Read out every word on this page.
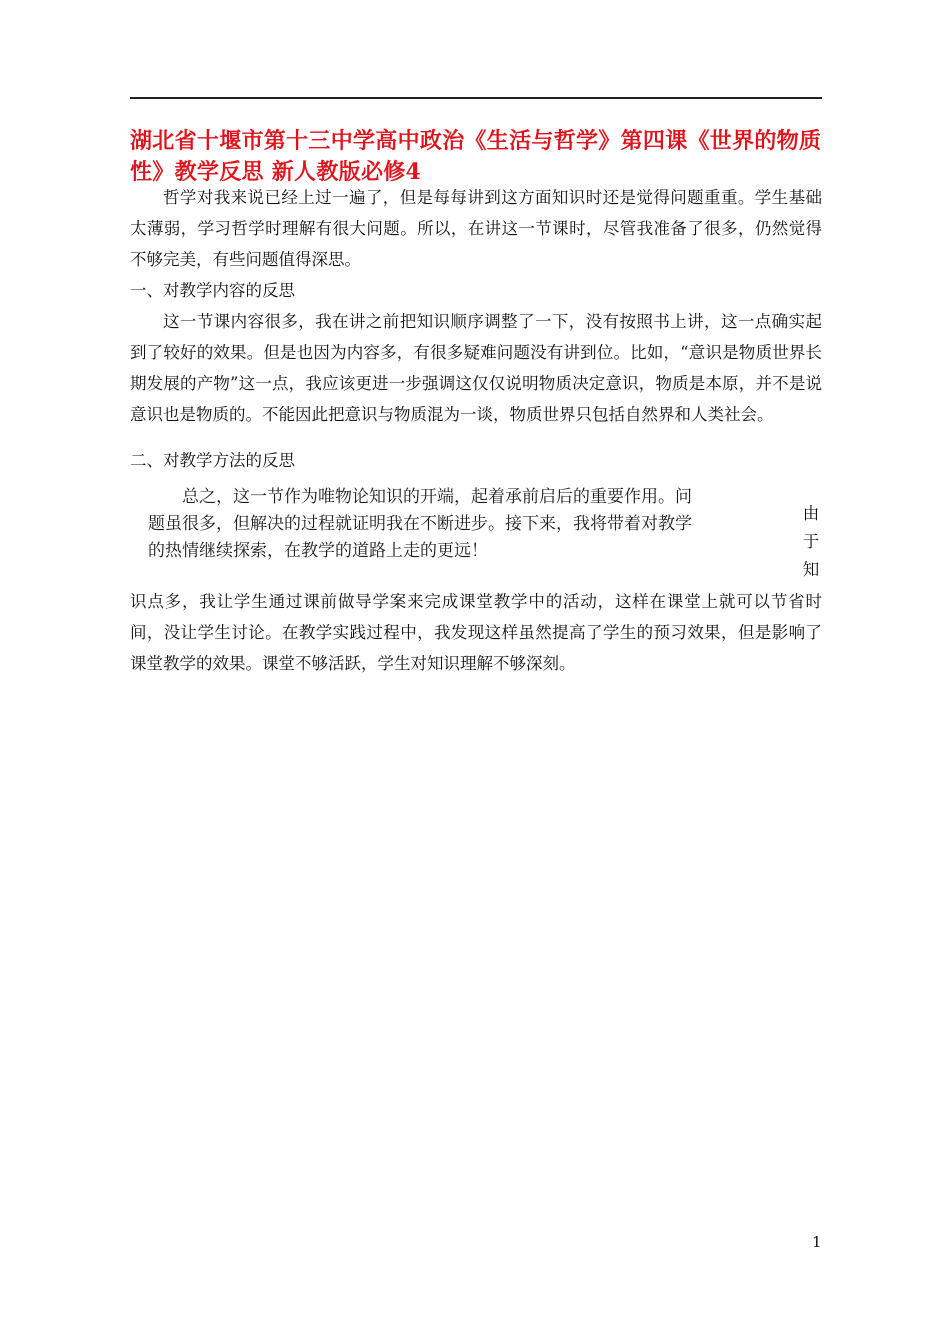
湖北省十堰市第十三中学高中政治《生活与哲学》第四课《世界的物质性》教学反思 新人教版必修4
哲学对我来说已经上过一遍了，但是每每讲到这方面知识时还是觉得问题重重。学生基础太薄弱，学习哲学时理解有很大问题。所以，在讲这一节课时，尽管我准备了很多，仍然觉得不够完美，有些问题值得深思。
一、对教学内容的反思
这一节课内容很多，我在讲之前把知识顺序调整了一下，没有按照书上讲，这一点确实起到了较好的效果。但是也因为内容多，有很多疑难问题没有讲到位。比如，“意识是物质世界长期发展的产物”这一点，我应该更进一步强调这仅仅说明物质决定意识，物质是本原，并不是说意识也是物质的。不能因此把意识与物质混为一谈，物质世界只包括自然界和人类社会。
二、对教学方法的反思
总之，这一节作为唯物论知识的开端，起着承前启后的重要作用。问
题虽很多，但解决的过程就证明我在不断进步。接下来，我将带着对教学
的热情继续探索，在教学的道路上走的更远！
由
于
知
识点多，我让学生通过课前做导学案来完成课堂教学中的活动，这样在课堂上就可以节省时间，没让学生讨论。在教学实践过程中，我发现这样虽然提高了学生的预习效果，但是影响了课堂教学的效果。课堂不够活跃，学生对知识理解不够深刻。
1
